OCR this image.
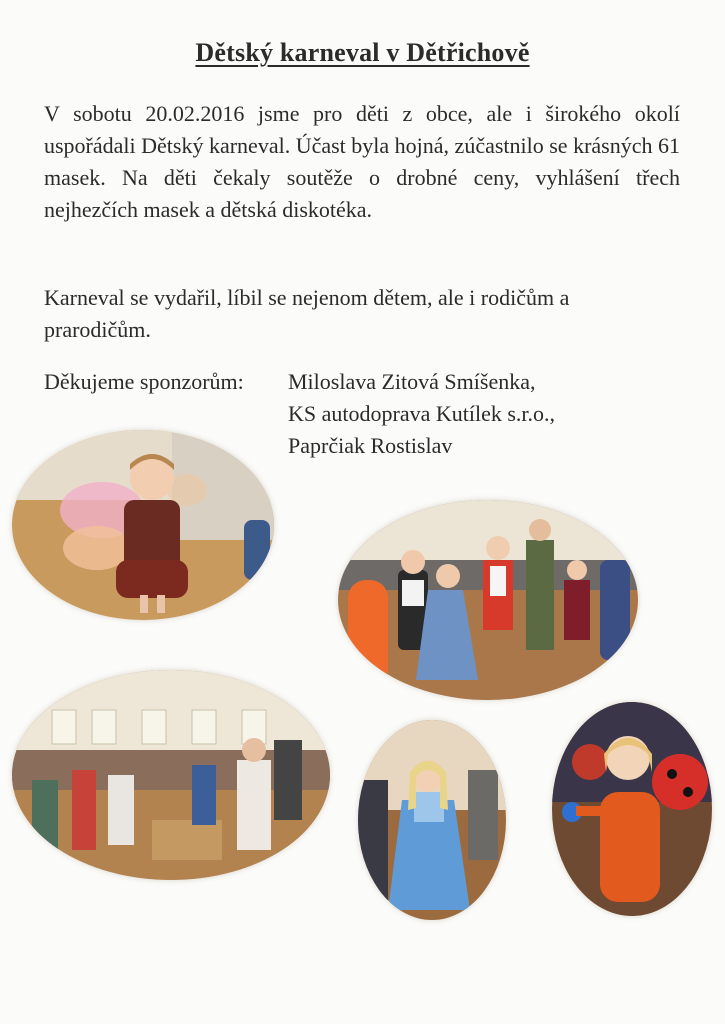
Dětský karneval v Dětřichově

V sobotu 20.02.2016 jsme pro děti z obce, ale i širokého okolí uspořádali Dětský karneval. Účast byla hojná, zúčastnilo se krásných 61 masek. Na děti čekaly soutěže o drobné ceny, vyhlášení třech nejhezčích masek a dětská diskotéka.

Karneval se vydařil, líbil se nejenom dětem, ale i rodičům a prarodičům.

Děkujeme sponzorům: Miloslava Zitová Smíšenka,
KS autodoprava Kutílek s.r.o.,
Paprčiak Rostislav
